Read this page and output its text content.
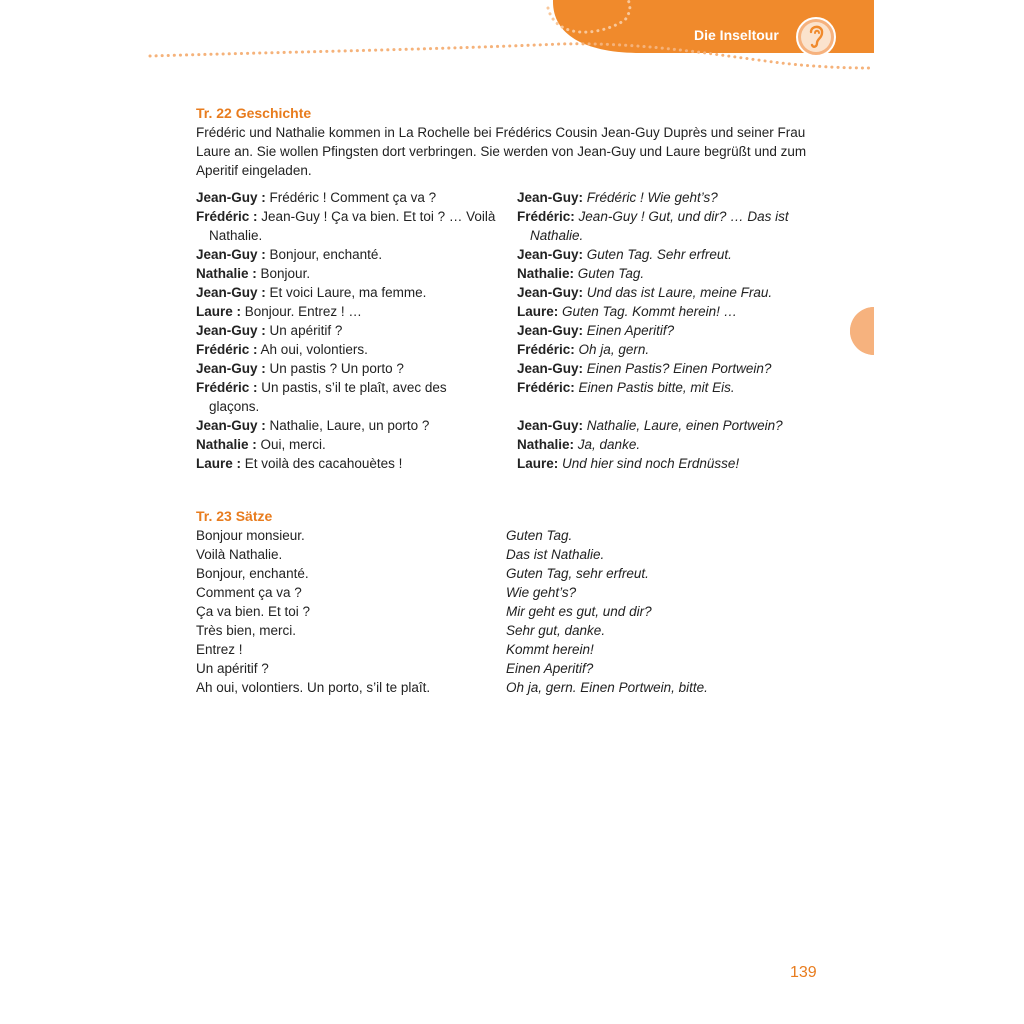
Die Inseltour
Tr. 22 Geschichte

Frédéric und Nathalie kommen in La Rochelle bei Frédérics Cousin Jean-Guy Duprès und seiner Frau Laure an. Sie wollen Pfingsten dort verbringen. Sie werden von Jean-Guy und Laure begrüßt und zum Aperitif eingeladen.

Jean-Guy : Frédéric ! Comment ça va ?
Frédéric : Jean-Guy ! Ça va bien. Et toi ? … Voilà Nathalie.
Jean-Guy : Bonjour, enchanté.
Nathalie : Bonjour.
Jean-Guy : Et voici Laure, ma femme.
Laure : Bonjour. Entrez ! …
Jean-Guy : Un apéritif ?
Frédéric : Ah oui, volontiers.
Jean-Guy : Un pastis ? Un porto ?
Frédéric : Un pastis, s’il te plaît, avec des glaçons.
Jean-Guy : Nathalie, Laure, un porto ?
Nathalie : Oui, merci.
Laure : Et voilà des cacahouètes !
Jean-Guy: Frédéric ! Wie geht’s?
Frédéric: Jean-Guy ! Gut, und dir? … Das ist Nathalie.
Jean-Guy: Guten Tag. Sehr erfreut.
Nathalie: Guten Tag.
Jean-Guy: Und das ist Laure, meine Frau.
Laure: Guten Tag. Kommt herein! …
Jean-Guy: Einen Aperitif?
Frédéric: Oh ja, gern.
Jean-Guy: Einen Pastis? Einen Portwein?
Frédéric: Einen Pastis bitte, mit Eis.
Jean-Guy: Nathalie, Laure, einen Portwein?
Nathalie: Ja, danke.
Laure: Und hier sind noch Erdnüsse!
Tr. 23 Sätze
Bonjour monsieur.
Voilà Nathalie.
Bonjour, enchanté.
Comment ça va ?
Ça va bien. Et toi ?
Très bien, merci.
Entrez !
Un apéritif ?
Ah oui, volontiers. Un porto, s’il te plaît.
Guten Tag.
Das ist Nathalie.
Guten Tag, sehr erfreut.
Wie geht’s?
Mir geht es gut, und dir?
Sehr gut, danke.
Kommt herein!
Einen Aperitif?
Oh ja, gern. Einen Portwein, bitte.
139
